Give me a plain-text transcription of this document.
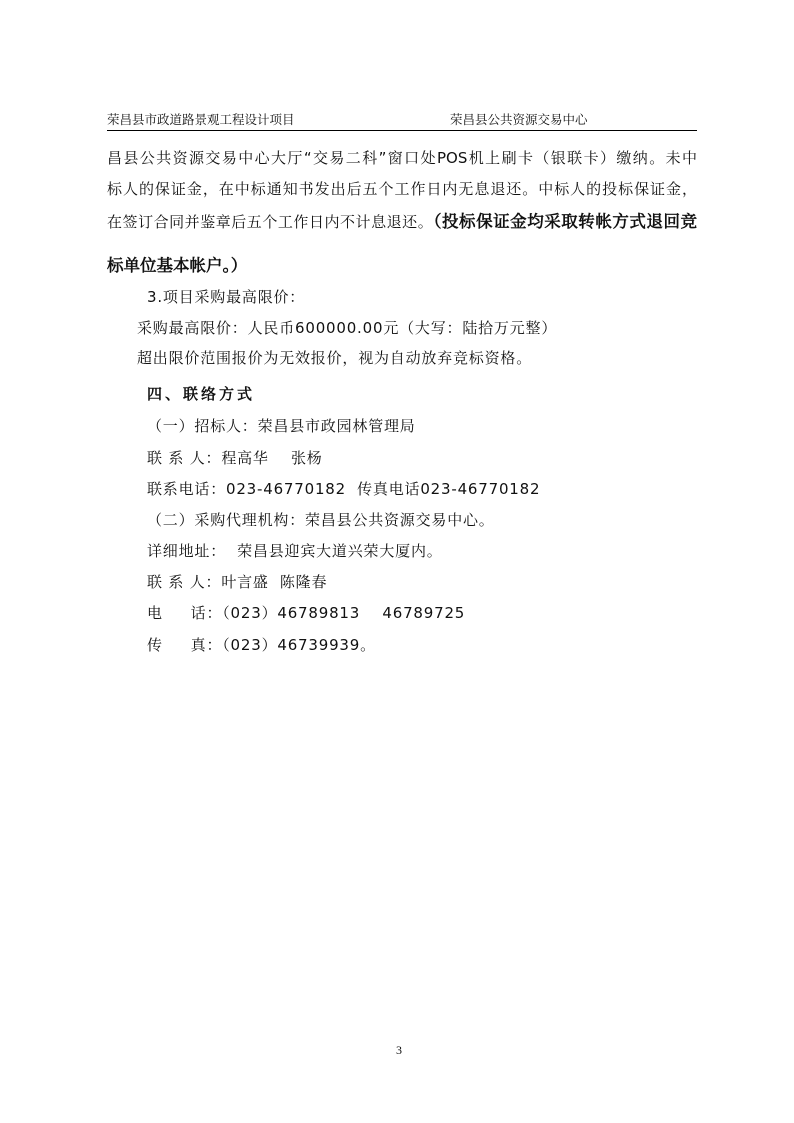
荣昌县市政道路景观工程设计项目	荣昌县公共资源交易中心
昌县公共资源交易中心大厅“交易二科”窗口处POS机上刷卡（银联卡）缴纳。未中
标人的保证金，在中标通知书发出后五个工作日内无息退还。中标人的投标保证金，
在签订合同并鉴章后五个工作日内不计息退还。（投标保证金均采取转帐方式退回竞
标单位基本帐户。）
3.项目采购最高限价：
采购最高限价：人民币600000.00元（大写：陆拾万元整）
超出限价范围报价为无效报价，视为自动放弃竞标资格。
四、联络方式
（一）招标人：荣昌县市政园林管理局
联 系 人：程高华    张杨
联系电话：023-46770182  传真电话023-46770182
（二）采购代理机构：荣昌县公共资源交易中心。
详细地址：  荣昌县迎宾大道兴荣大厦内。
联 系 人：叶言盛  陈隆春
电     话：（023）46789813    46789725
传     真：（023）46739939。
3
